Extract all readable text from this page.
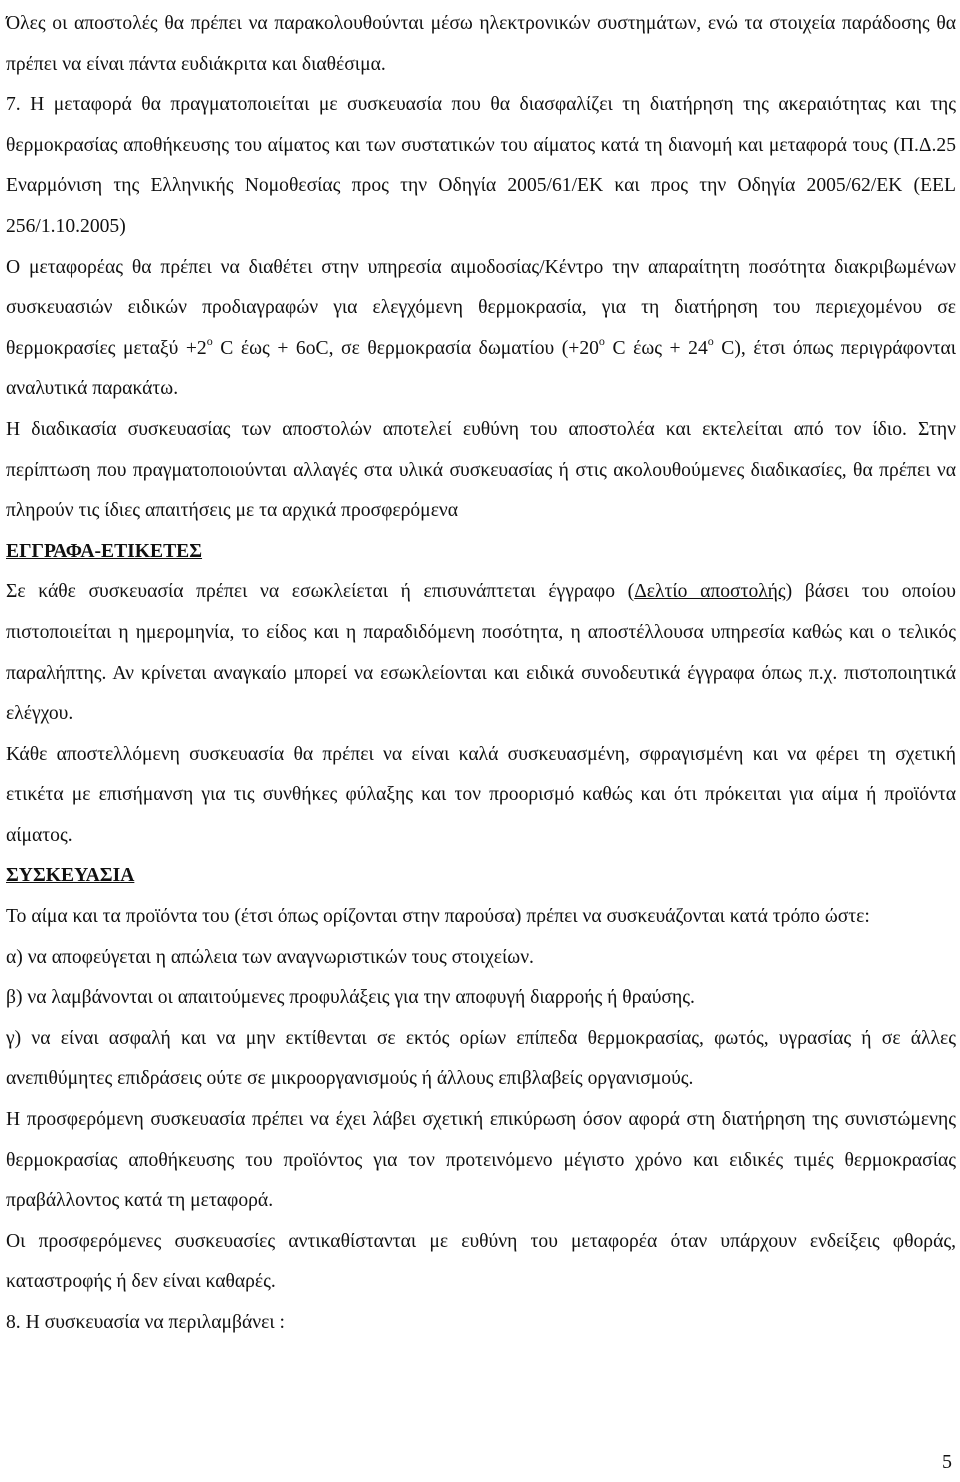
Όλες οι αποστολές θα πρέπει να παρακολουθούνται μέσω ηλεκτρονικών συστημάτων, ενώ τα στοιχεία παράδοσης θα πρέπει να είναι πάντα ευδιάκριτα και διαθέσιμα.

7. Η μεταφορά θα πραγματοποιείται με συσκευασία που θα διασφαλίζει τη διατήρηση της ακεραιότητας και της θερμοκρασίας αποθήκευσης του αίματος και των συστατικών του αίματος κατά τη διανομή και μεταφορά τους (Π.Δ.25 Εναρμόνιση της Ελληνικής Νομοθεσίας προς την Οδηγία 2005/61/ΕΚ και προς την Οδηγία 2005/62/ΕΚ (ΕΕL 256/1.10.2005)

Ο μεταφορέας θα πρέπει να διαθέτει στην υπηρεσία αιμοδοσίας/Κέντρο την απαραίτητη ποσότητα διακριβωμένων συσκευασιών ειδικών προδιαγραφών για ελεγχόμενη θερμοκρασία, για τη διατήρηση του περιεχομένου σε θερμοκρασίες $\mu\varepsilon\tau\alpha\xi ύ +2^o$ C έως + 6οC, σε θερμοκρασία δωματίου ($+20^o$ C $έ\omega\varsigma + 24^o$ C), έτσι όπως περιγράφονται αναλυτικά παρακάτω.

Η διαδικασία συσκευασίας των αποστολών αποτελεί ευθύνη του αποστολέα και εκτελείται από τον ίδιο. Στην περίπτωση που πραγματοποιούνται αλλαγές στα υλικά συσκευασίας ή στις ακολουθούμενες διαδικασίες, θα πρέπει να πληρούν τις ίδιες απαιτήσεις με τα αρχικά προσφερόμενα

ΕΓΓΡΑΦΑ-ΕΤΙΚΕΤΕΣ

Σε κάθε συσκευασία πρέπει να εσωκλείεται ή επισυνάπτεται έγγραφο (Δελτίο αποστολής) βάσει του οποίου πιστοποιείται η ημερομηνία, το είδος και η παραδιδόμενη ποσότητα, η αποστέλλουσα υπηρεσία καθώς και ο τελικός παραλήπτης. Αν κρίνεται αναγκαίο μπορεί να εσωκλείονται και ειδικά συνοδευτικά έγγραφα όπως π.χ. πιστοποιητικά ελέγχου.

Κάθε αποστελλόμενη συσκευασία θα πρέπει να είναι καλά συσκευασμένη, σφραγισμένη και να φέρει τη σχετική ετικέτα με επισήμανση για τις συνθήκες φύλαξης και τον προορισμό καθώς και ότι πρόκειται για αίμα ή προϊόντα αίματος.

ΣΥΣΚΕΥΑΣΙΑ

Το αίμα και τα προϊόντα του (έτσι όπως ορίζονται στην παρούσα) πρέπει να συσκευάζονται κατά τρόπο ώστε:

α) να αποφεύγεται η απώλεια των αναγνωριστικών τους στοιχείων.

β) να λαμβάνονται οι απαιτούμενες προφυλάξεις για την αποφυγή διαρροής ή θραύσης.

γ) να είναι ασφαλή και να μην εκτίθενται σε εκτός ορίων επίπεδα θερμοκρασίας, φωτός, υγρασίας ή σε άλλες ανεπιθύμητες επιδράσεις ούτε σε μικροοργανισμούς ή άλλους επιβλαβείς οργανισμούς.

Η προσφερόμενη συσκευασία πρέπει να έχει λάβει σχετική επικύρωση όσον αφορά στη διατήρηση της συνιστώμενης θερμοκρασίας αποθήκευσης του προϊόντος για τον προτεινόμενο μέγιστο χρόνο και ειδικές τιμές θερμοκρασίας πραβάλλοντος κατά τη μεταφορά.

Οι προσφερόμενες συσκευασίες αντικαθίστανται με ευθύνη του μεταφορέα όταν υπάρχουν ενδείξεις φθοράς, καταστροφής ή δεν είναι καθαρές.

8. Η συσκευασία να περιλαμβάνει :

5
